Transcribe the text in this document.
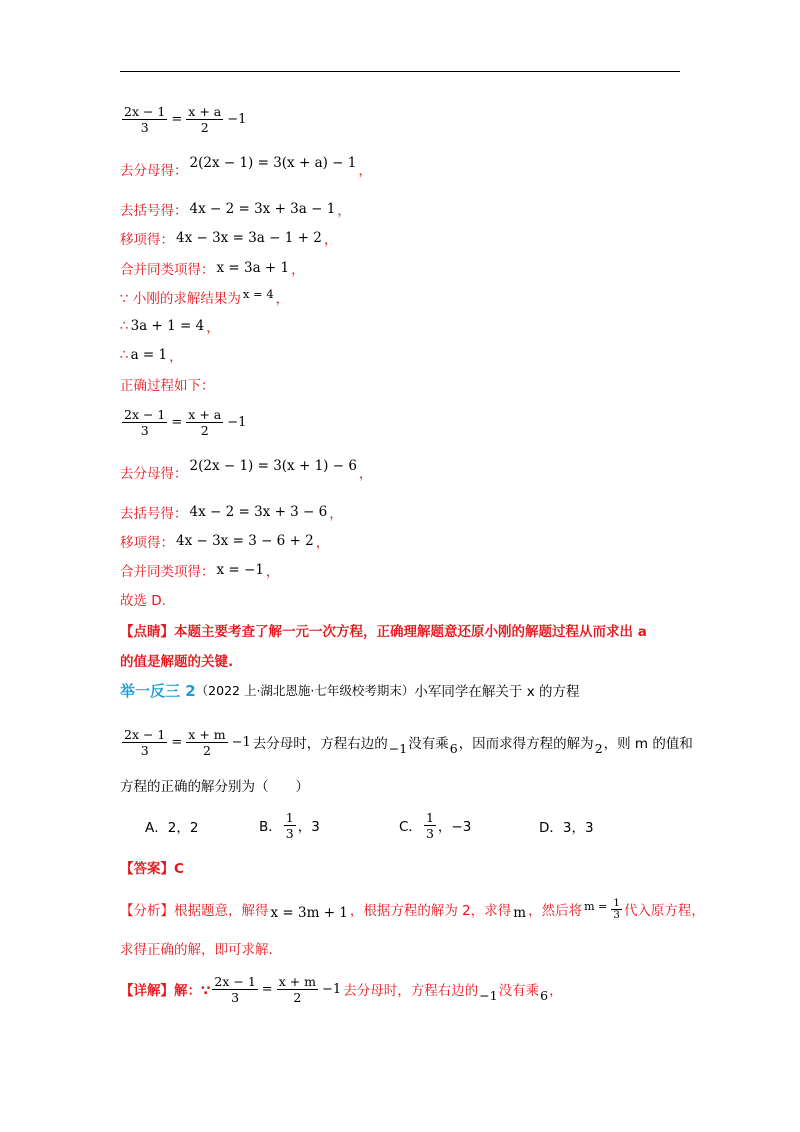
$\frac{2x - 1}{3} = \frac{x + a}{2} -1$
去分母得： 2(2x − 1) = 3(x + a) − 1 ，
去括号得： 4x − 2 = 3x + 3a − 1 ，
移项得： 4x − 3x = 3a − 1 + 2 ，
合并同类项得： x = 3a + 1 ，
∵ 小刚的求解结果为 x = 4 ，
∴ 3a + 1 = 4 ，
∴ a = 1 ，
正确过程如下：
$\frac{2x - 1}{3} = \frac{x + a}{2} -1$
去分母得： 2(2x − 1) = 3(x + 1) − 6 ，
去括号得： 4x − 2 = 3x + 3 − 6 ，
移项得： 4x − 3x = 3 − 6 + 2 ，
合并同类项得： x = −1 ，
故选 D.
【点睛】本题主要考查了解一元一次方程，正确理解题意还原小刚的解题过程从而求出 a
的值是解题的关键.
举一反三 2 （2022 上·湖北恩施·七年级校考期末） 小军同学在解关于 x 的方程
$\frac{2x - 1}{3} = \frac{x + m}{2} -1$ 去分母时，方程右边的 −1 没有乘 6 ，因而求得方程的解为 2 ，则 m 的值和
方程的正确的解分别为（　　）
A． 2，2	B． $\frac{1}{3}$ ，3	C． $\frac{1}{3}$ ，−3	D． 3，3
【答案】C
【分析】根据题意，解得 x = 3m + 1 ，根据方程的解为 2，求得 m ，然后将 $m = \frac{1}{3}$ 代入原方程，
求得正确的解，即可求解.
【详解】解：∵ $\frac{2x - 1}{3} = \frac{x + m}{2} -1$ 去分母时，方程右边的 −1 没有乘 6 ，
